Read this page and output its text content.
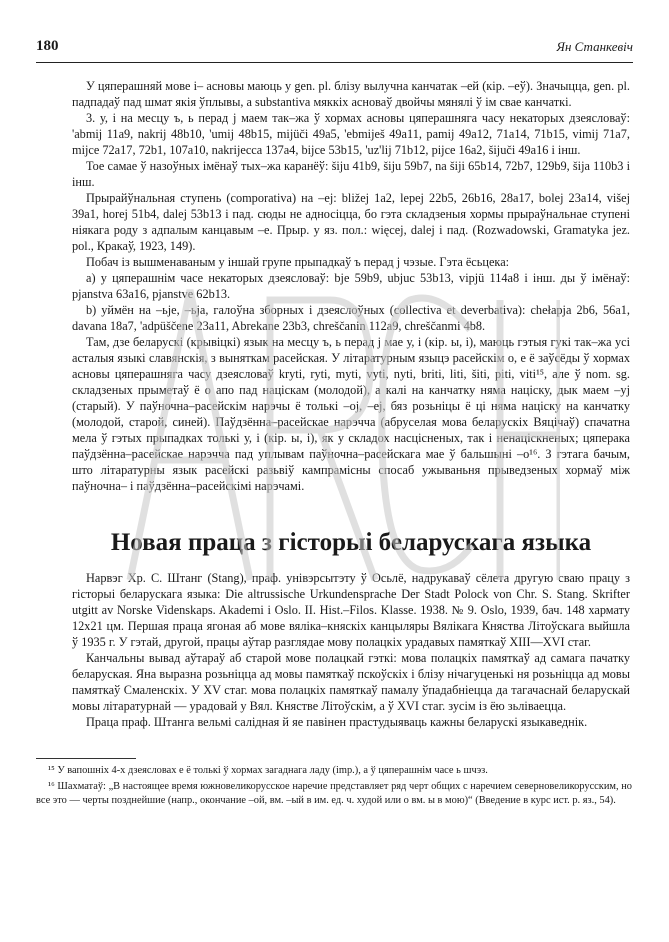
180	Ян Станкевіч

У цяперашняй мове i– асновы маюць у gen. pl. блізу вылучна канчатак –ей (кір. –еў). Значыцца, gen. pl. падпадаў пад шмат якія ўплывы, а substantiva мяккіх асноваў двойчы мянялі ў ім свае канчаткі.

3. у, і на месцу ъ, ь перад j маем так–жа ў хормах асновы цяперашняга часу некаторых дзеясловаў: 'abmij 11a9, nakrij 48b10, 'umij 48b15, mijüči 49a5, 'ebmiješ 49a11, pamij 49a12, 71a14, 71b15, vimij 71a7, mijce 72a17, 72b1, 107a10, nakrijecca 137a4, bijce 53b15, 'uz'lij 71b12, pijce 16a2, šijuči 49a16 і інш.

Тое самае ў назоўных імёнаў тых–жа каранёў: šiju 41b9, šiju 59b7, na šiji 65b14, 72b7, 129b9, šija 110b3 і інш.

Прырайўнальная ступень (comporativa) на –ej: bližej 1a2, lepej 22b5, 26b16, 28a17, bolej 23a14, višej 39a1, horej 51b4, dalej 53b13 і пад. сюды не адносіцца, бо гэта складзеныя хормы прыраўнальнае ступені ніякага роду з адпалым канцавым –е. Прыр. у яз. пол.: więcej, dalej і пад. (Rozwadowski, Gramatyka jez. pol., Кракаў, 1923, 149).

Побач із вышменаваным у іншай групе прыпадкаў ъ перад j чэзые. Гэта ёсьцека:

а) у цяперашнім часе некаторых дзеясловаў: bje 59b9, ubjuc 53b13, vipjü 114a8 і інш. ды ў імёнаў: pjanstva 63a16, pjanstve 62b13.

b) уймён на –ьje, –ьja, галоўна зборных і дзеяслоўных (collectiva et deverbativa): chełapja 2b6, 56a1, davana 18a7, 'adpüščene 23a11, Abrekane 23b3, chreščanin 112a9, chreščanmi 4b8.

Там, дзе беларускі (крывіцкі) язык на месцу ъ, ь перад j мае у, і (кір. ы, і), маюць гэтыя гукі так–жа усі асталыя языкі славянскія, з выняткам расейская. У літаратурным языцэ расейскім о, е ё заўсёды ў хормах асновы цяперашняга часу дзеясловаў kryti, ryti, myti, vyti, nyti, briti, liti, šiti, piti, viti¹⁵, але ў nom. sg. складзеных прыметаў ё о апо пад націскам (молодой), а калі на канчатку няма націску, дык маем –уj (старый). У паўночна–расейскім нарэчы ё толькі –oj, –ej, бяз розьніцы ё ці няма націску на канчатку (молодой, старой, синей). Паўдзённа–расейскае нарэчча (абруселая мова беларускіх Вяцічаў) спачатна мела ў гэтых прыпадках толькі у, і (кір. ы, і), як у складох насцісненых, так і ненаціскненых; цяперака паўдзённа–расейскае нарэчча пад уплывам паўночна–расейскага мае ў бальшыні –о¹⁶. З гэтага бачым, што літаратурны язык расейскі разьвіў кампрамісны спосаб ужываньня прыведзеных хормаў між паўночна– і паўдзённа–расейскімі нарэчамі.

Новая праца з гісторыі беларускага языка

Нарвэг Хр. С. Штанг (Stang), праф. унівэрсытэту ў Осьлё, надрукаваў сёлета другую сваю працу з гісторыі беларускага языка: Die altrussische Urkundensprache Der Stadt Polock von Chr. S. Stang. Skrifter utgitt av Norske Videnskaps. Akademi i Oslo. II. Hist.–Filos. Klasse. 1938. № 9. Oslo, 1939, бач. 148 хармату 12х21 цм. Першая праца ягоная аб мове вяліка–княскіх канцыляры Вялікага Княства Літоўскага выйшла ў 1935 г. У гэтай, другой, працы аўтар разглядае мову полацкіх урадавых памяткаў XIII—XVI стаг.

Канчальны вывад аўтараў аб старой мове полацкай гэткі: мова полацкіх памяткаў ад самага пачатку беларуская. Яна выразна розьніцца ад мовы памяткаў пскоўскіх і блізу нічагуценькі ня розьніцца ад мовы памяткаў Смаленскіх. У XV стаг. мова полацкіх памяткаў памалу ўпадабніецца да тагачаснай беларускай мовы літаратурнай — урадовай у Вял. Княстве Літоўскім, а ў XVI стаг. зусім із ёю зьліваецца.

Праца праф. Штанга вельмі салідная й яе павінен прастудыяваць кажны беларускі языкаведнік.

¹⁵ У вапошніх 4-х дзеясловах е ё толькі ў хормах загаднага ладу (imp.), а ў цяперашнім часе ь шчэз.

¹⁶ Шахматаў: „В настоящее время южновеликорусское наречие представляет ряд черт общих с наречием северновеликорусским, но все это — черты позднейшие (напр., окончание –ой, вм. –ый в им. ед. ч. худой или о вм. ы в мою)“ (Введение в курс ист. р. яз., 54).
